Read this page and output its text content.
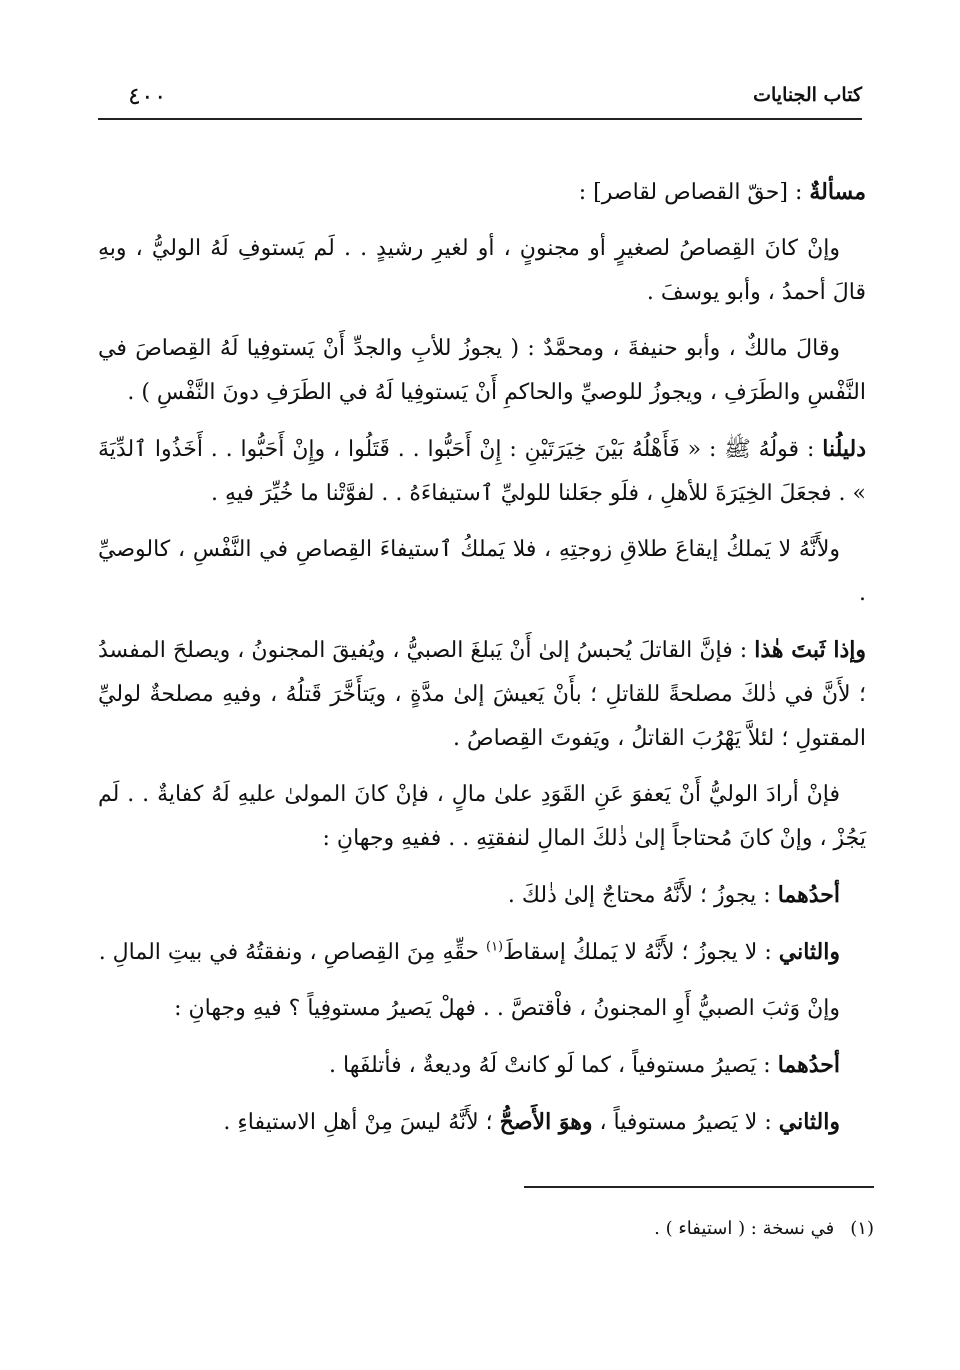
كتاب الجنايات
٤٠٠

مسألةٌ : [حقّ القصاص لقاصر] :

وإنْ كانَ القِصاصُ لصغيرٍ أو مجنونٍ ، أو لغيرِ رشيدٍ . . لَم يَستوفِ لَهُ الوليُّ ، وبهِ قالَ أحمدُ ، وأبو يوسفَ .

وقالَ مالكٌ ، وأبو حنيفةَ ، ومحمَّدٌ : ( يجوزُ للأبِ والجدِّ أَنْ يَستوفِيا لَهُ القِصاصَ في النَّفْسِ والطَرَفِ ، ويجوزُ للوصيِّ والحاكمِ أَنْ يَستوفِيا لَهُ في الطَرَفِ دونَ النَّفْسِ ) .

دليلُنا : قولُهُ ﷺ : « فَأَهْلُهُ بَيْنَ خِيَرَتَيْنِ : إِنْ أَحَبُّوا . . قَتَلُوا ، وإِنْ أَحَبُّوا . . أَخَذُوا ٱلدِّيَةَ » . فجعَلَ الخِيَرَةَ للأهلِ ، فلَو جعَلنا للوليِّ ٱستيفاءَهُ . . لفوَّتْنا ما خُيِّرَ فيهِ .

ولأَنَّهُ لا يَملكُ إيقاعَ طلاقِ زوجتِهِ ، فلا يَملكُ ٱستيفاءَ القِصاصِ في النَّفْسِ ، كالوصيِّ .

وإذا ثَبتَ هٰذا : فإنَّ القاتلَ يُحبسُ إلىٰ أَنْ يَبلغَ الصبيُّ ، ويُفيقَ المجنونُ ، ويصلحَ المفسدُ ؛ لأَنَّ في ذٰلكَ مصلحةً للقاتلِ ؛ بأَنْ يَعيشَ إلىٰ مدَّةٍ ، ويَتأَخَّرَ قَتلُهُ ، وفيهِ مصلحةٌ لوليِّ المقتولِ ؛ لئلاَّ يَهْرُبَ القاتلُ ، ويَفوتَ القِصاصُ .

فإنْ أرادَ الوليُّ أَنْ يَعفوَ عَنِ القَوَدِ علىٰ مالٍ ، فإنْ كانَ المولىٰ عليهِ لَهُ كفايةٌ . . لَم يَجُزْ ، وإنْ كانَ مُحتاجاً إلىٰ ذٰلكَ المالِ لنفقتِهِ . . ففيهِ وجهانِ :

أحدُهما : يجوزُ ؛ لأَنَّهُ محتاجٌ إلىٰ ذٰلكَ .

والثاني : لا يجوزُ ؛ لأَنَّهُ لا يَملكُ إسقاطَ$^{(١)}$ حقِّهِ مِنَ القِصاصِ ، ونفقتُهُ في بيتِ المالِ .

وإنْ وَثبَ الصبيُّ أَوِ المجنونُ ، فاْقتصَّ . . فهلْ يَصيرُ مستوفِياً ؟ فيهِ وجهانِ :

أحدُهما : يَصيرُ مستوفياً ، كما لَو كانتْ لَهُ وديعةٌ ، فأتلفَها .

والثاني : لا يَصيرُ مستوفياً ، وهوَ الأَصحُّ ؛ لأَنَّهُ ليسَ مِنْ أهلِ الاستيفاءِ .

(١)في نسخة : ( استيفاء ) .
